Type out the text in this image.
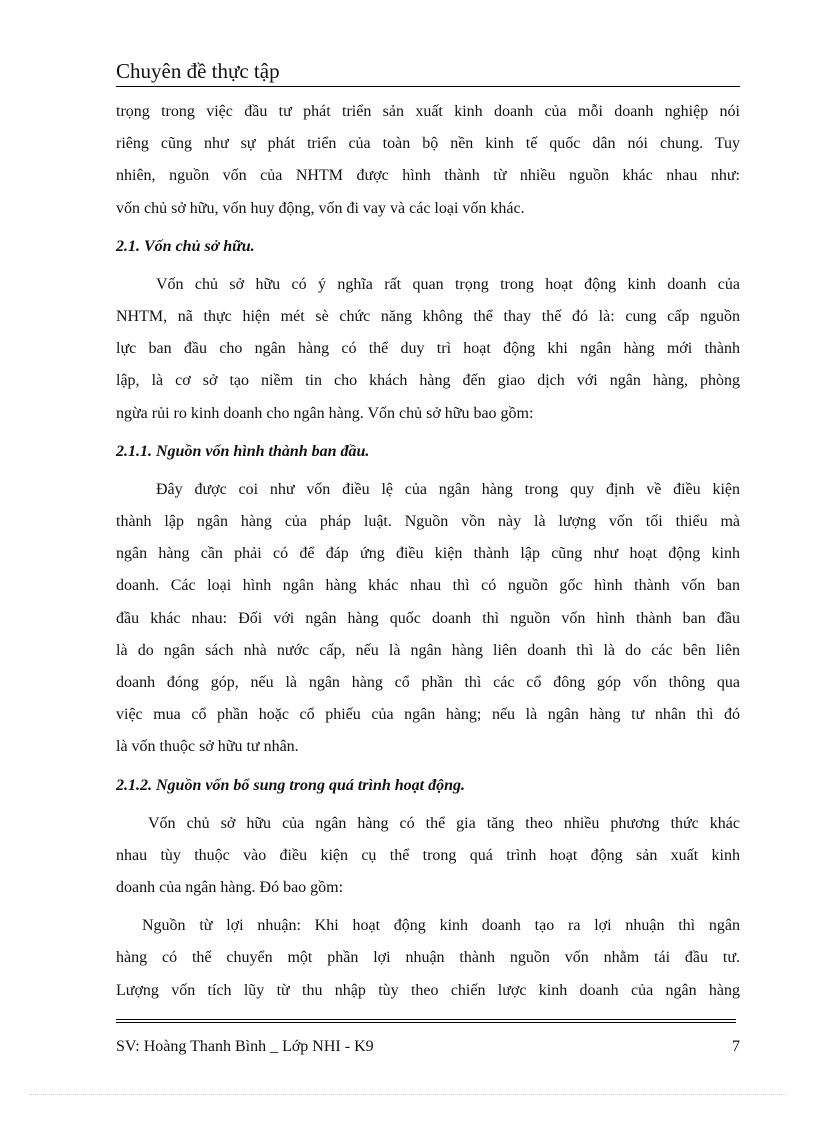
Chuyên đề thực tập

trọng trong việc đầu tư phát triển sản xuất kinh doanh của mỗi doanh nghiệp nói

riêng cũng như sự phát triển của toàn bộ nền kinh tế quốc dân nói chung. Tuy

nhiên, nguồn vốn của NHTM được hình thành từ nhiều nguồn khác nhau như:

vốn chủ sở hữu, vốn huy động, vốn đi vay và các loại vốn khác.

2.1. Vốn chủ sở hữu.

Vốn chủ sở hữu có ý nghĩa rất quan trọng trong hoạt động kinh doanh của

NHTM, nã thực hiện mét sè chức năng không thể thay thế đó là: cung cấp nguồn

lực ban đầu cho ngân hàng có thể duy trì hoạt động khi ngân hàng mới thành

lập, là cơ sở tạo niềm tin cho khách hàng đến giao dịch với ngân hàng, phòng

ngừa rủi ro kinh doanh cho ngân hàng. Vốn chủ sở hữu bao gồm:

2.1.1. Nguồn vốn hình thành ban đầu.

Đây được coi như vốn điều lệ của ngân hàng trong quy định về điều kiện

thành lập ngân hàng của pháp luật. Nguồn vồn này là lượng vốn tối thiểu mà

ngân hàng cần phải có để đáp ứng điều kiện thành lập cũng như hoạt động kinh

doanh. Các loại hình ngân hàng khác nhau thì có nguồn gốc hình thành vốn ban

đầu khác nhau: Đối với ngân hàng quốc doanh thì nguồn vốn hình thành ban đầu

là do ngân sách nhà nước cấp, nếu là ngân hàng liên doanh thì là do các bên liên

doanh đóng góp, nếu là ngân hàng cổ phần thì các cổ đông góp vốn thông qua

việc mua cổ phần hoặc cổ phiếu của ngân hàng; nếu là ngân hàng tư nhân thì đó

là vốn thuộc sở hữu tư nhân.

2.1.2. Nguồn vốn bổ sung trong quá trình hoạt động.

Vốn chủ sở hữu của ngân hàng có thể gia tăng theo nhiều phương thức khác

nhau tùy thuộc vào điều kiện cụ thể trong quá trình hoạt động sản xuất kinh

doanh của ngân hàng. Đó bao gồm:

Nguồn từ lợi nhuận: Khi hoạt động kinh doanh tạo ra lợi nhuận thì ngân

hàng có thể chuyển một phần lợi nhuận thành nguồn vốn nhằm tái đầu tư.

Lượng vốn tích lũy từ thu nhập tùy theo chiến lược kinh doanh của ngân hàng

SV: Hoàng Thanh Bình _ Lớp NHI - K9	7
